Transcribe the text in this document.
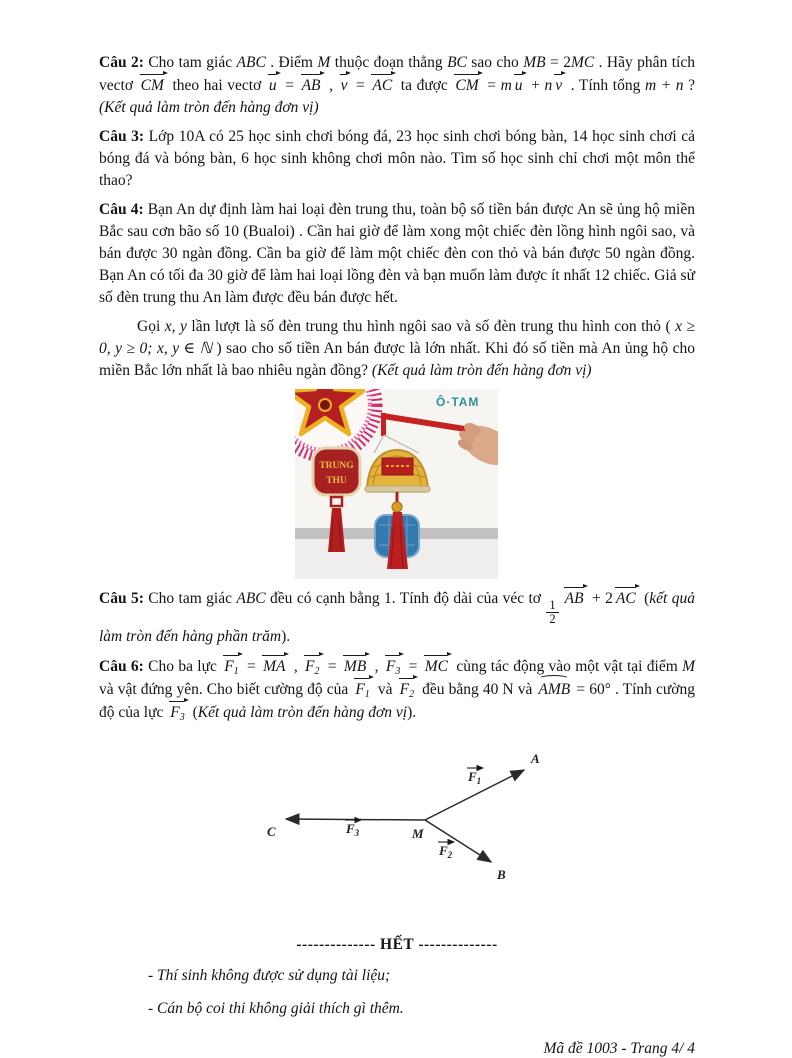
Câu 2: Cho tam giác ABC . Điểm M thuộc đoạn thẳng BC sao cho MB = 2MC . Hãy phân tích vectơ CM theo hai vectơ u = AB , v = AC ta được CM = m u + n v . Tính tổng m + n ?(Kết quả làm tròn đến hàng đơn vị)

Câu 3: Lớp 10A có 25 học sinh chơi bóng đá, 23 học sinh chơi bóng bàn, 14 học sinh chơi cả bóng đá và bóng bàn, 6 học sinh không chơi môn nào. Tìm số học sinh chỉ chơi một môn thể thao?

Câu 4: Bạn An dự định làm hai loại đèn trung thu, toàn bộ số tiền bán được An sẽ ủng hộ miền Bắc sau cơn bão số 10 (Bualoi) . Cần hai giờ để làm xong một chiếc đèn lồng hình ngôi sao, và bán được 30 ngàn đồng. Cần ba giờ để làm một chiếc đèn con thỏ và bán được 50 ngàn đồng. Bạn An có tối đa 30 giờ để làm hai loại lồng đèn và bạn muốn làm được ít nhất 12 chiếc. Giả sử số đèn trung thu An làm được đều bán được hết.

Gọi x, y lần lượt là số đèn trung thu hình ngôi sao và số đèn trung thu hình con thỏ ( x ≥ 0, y ≥ 0; x, y ∈ ℕ ) sao cho số tiền An bán được là lớn nhất. Khi đó số tiền mà An ủng hộ cho miền Bắc lớn nhất là bao nhiêu ngàn đồng? (Kết quả làm tròn đến hàng đơn vị)

TRUNG
THU
Ô·TAM

Câu 5: Cho tam giác ABC đều có cạnh bằng 1. Tính độ dài của véc tơ
$\frac{1}{2}$
AB + 2 AC (kết quả làm tròn đến hàng phần trăm).

Câu 6: Cho ba lực $F_1$ = MA , $F_2$ = MB , $F_3$ = MC cùng tác động vào một vật tại điểm M và vật đứng yên. Cho biết cường độ của $F_1$ và $F_2$ đều bằng 40 N và AMB = 60° . Tính cường độ của lực $F_3$ (Kết quả làm tròn đến hàng đơn vị).

A
B
C	M
$F_1$
$F_2$
$F_3$

-------------- HẾT --------------

- Thí sinh không được sử dụng tài liệu;

- Cán bộ coi thi không giải thích gì thêm.

Mã đề 1003 - Trang 4/ 4
